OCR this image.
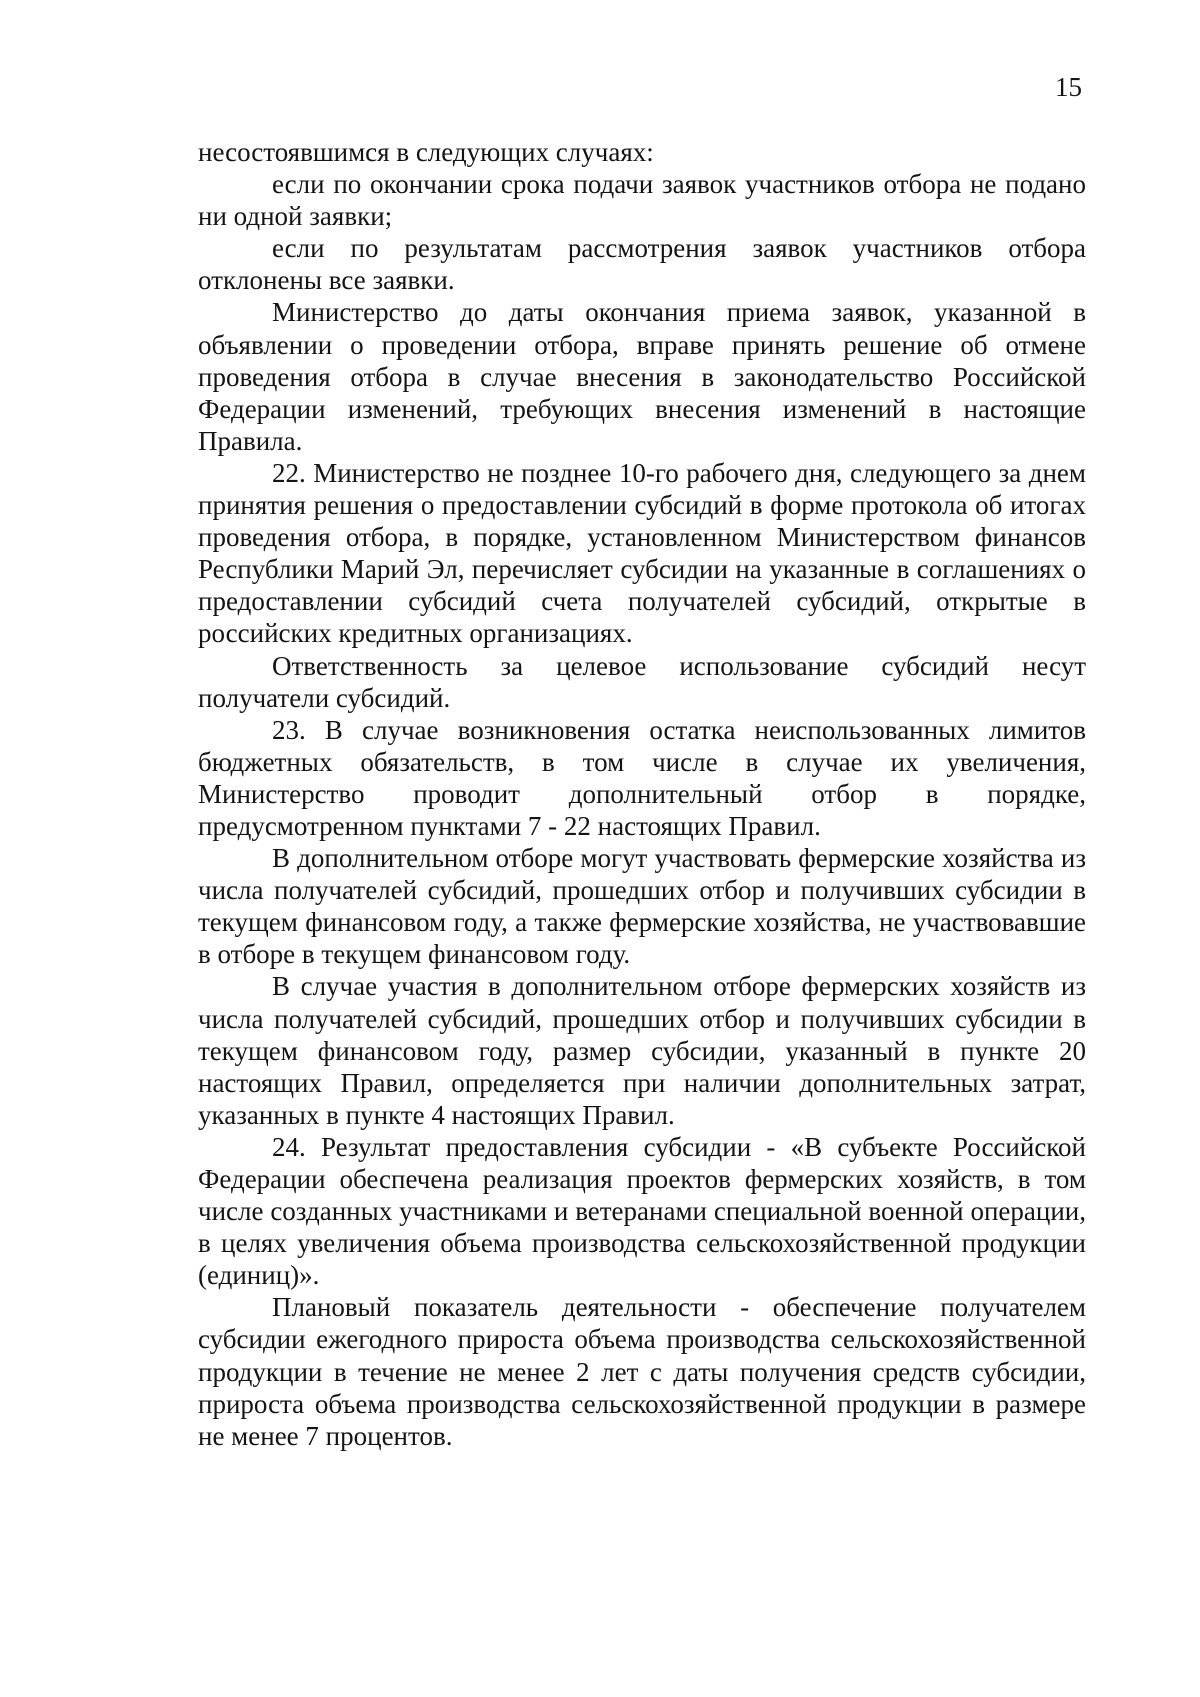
15

несостоявшимся в следующих случаях:

если по окончании срока подачи заявок участников отбора не подано ни одной заявки;

если по результатам рассмотрения заявок участников отбора отклонены все заявки.

Министерство до даты окончания приема заявок, указанной в объявлении о проведении отбора, вправе принять решение об отмене проведения отбора в случае внесения в законодательство Российской Федерации изменений, требующих внесения изменений в настоящие Правила.

22. Министерство не позднее 10-го рабочего дня, следующего за днем принятия решения о предоставлении субсидий в форме протокола об итогах проведения отбора, в порядке, установленном Министерством финансов Республики Марий Эл, перечисляет субсидии на указанные в соглашениях о предоставлении субсидий счета получателей субсидий, открытые в российских кредитных организациях.

Ответственность за целевое использование субсидий несут получатели субсидий.

23. В случае возникновения остатка неиспользованных лимитов бюджетных обязательств, в том числе в случае их увеличения, Министерство проводит дополнительный отбор в порядке, предусмотренном пунктами 7 - 22 настоящих Правил.

В дополнительном отборе могут участвовать фермерские хозяйства из числа получателей субсидий, прошедших отбор и получивших субсидии в текущем финансовом году, а также фермерские хозяйства, не участвовавшие в отборе в текущем финансовом году.

В случае участия в дополнительном отборе фермерских хозяйств из числа получателей субсидий, прошедших отбор и получивших субсидии в текущем финансовом году, размер субсидии, указанный в пункте 20 настоящих Правил, определяется при наличии дополнительных затрат, указанных в пункте 4 настоящих Правил.

24. Результат предоставления субсидии - «В субъекте Российской Федерации обеспечена реализация проектов фермерских хозяйств, в том числе созданных участниками и ветеранами специальной военной операции, в целях увеличения объема производства сельскохозяйственной продукции (единиц)».

Плановый показатель деятельности - обеспечение получателем субсидии ежегодного прироста объема производства сельскохозяйственной продукции в течение не менее 2 лет с даты получения средств субсидии, прироста объема производства сельскохозяйственной продукции в размере не менее 7 процентов.
